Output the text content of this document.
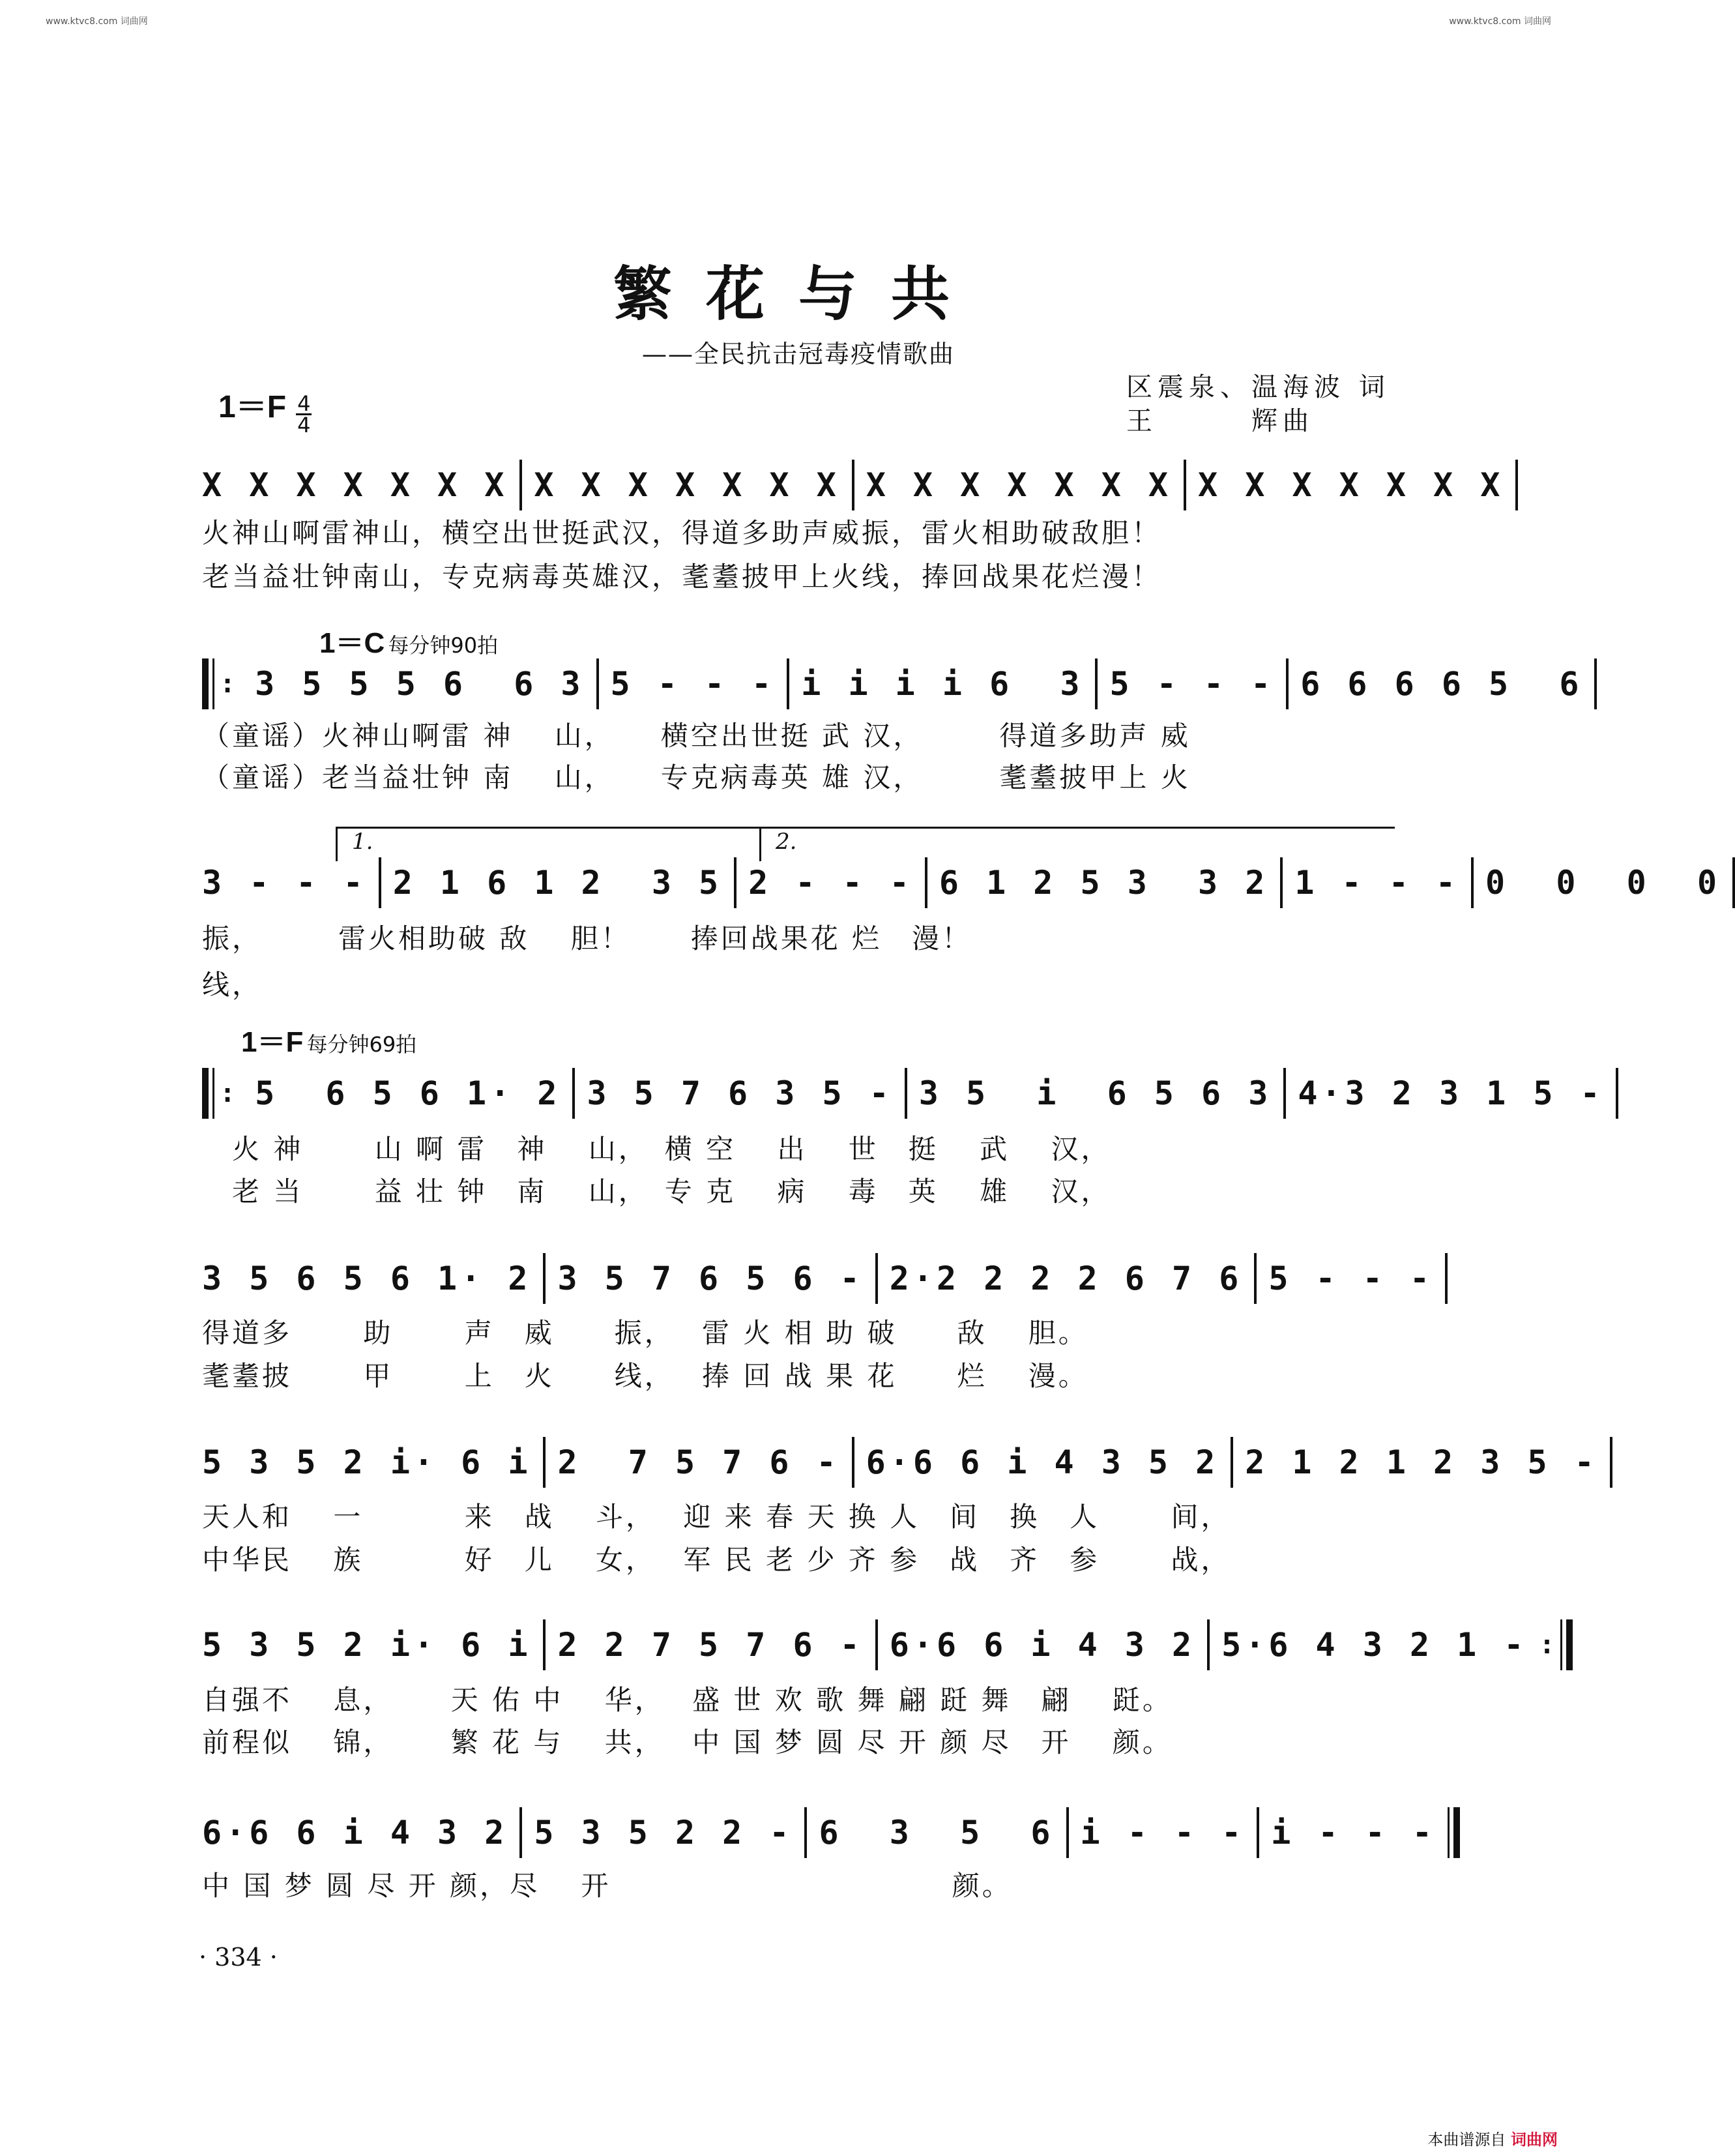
www.ktvc8.com 词曲网	www.ktvc8.com 词曲网
繁花与共
——全民抗击冠毒疫情歌曲
$1=F \frac{4}{4}$
区震泉、温海波 词
王　　　辉曲
X X X X X X X X X X X X X X X X X X X X X X X X X X X X
火神山啊雷神山，横空出世挺武汉，得道多助声威振，雷火相助破敌胆！
老当益壮钟南山，专克病毒英雄汉，耄耋披甲上火线，捧回战果花烂漫！
1＝C 每分钟90拍
: 3 5 5 5 6  6 3 5 - - - i i i i 6  3 5 - - - 6 6 6 6 5  6
（童谣）火神山啊雷 神　 山，　　横空出世挺 武 汉，　　　得道多助声 威
（童谣）老当益壮钟 南　 山，　　专克病毒英 雄 汉，　　　耄耋披甲上 火
1.	2.
3 - - - 2 1 6 1 2  3 5 2 - - - 6 1 2 5 3  3 2 1 - - - 0  0  0  0
振，　　　雷火相助破 敌　 胆！　　捧回战果花 烂　漫！
线，
1＝F 每分钟69拍
: 5  6 5 6 1· 2 3 5 7 6 3 5 - 3 5  i  6 5 6 3 4·3 2 3 1 5 -
　火 神　　 山 啊 雷　神　 山，　横 空　 出　 世　挺　 武　 汉，
　老 当　　 益 壮 钟　南　 山，　专 克　 病　 毒　英　 雄　 汉，
3 5 6 5 6 1· 2 3 5 7 6 5 6 - 2·2 2 2 2 6 7 6 5 - - -
得道多　　 助　　 声　威　　振，　 雷 火 相 助 破　　敌　 胆。
耄耋披　　 甲　　 上　火　　线，　 捧 回 战 果 花　　烂　 漫。
5 3 5 2 i· 6 i 2  7 5 7 6 - 6·6 6 i 4 3 5 2 2 1 2 1 2 3 5 -
天人和　 一　　　 来　战　 斗，　 迎 来 春 天 换 人　间　换　人　　 间，
中华民　 族　　　 好　儿　 女，　 军 民 老 少 齐 参　战　齐　参　　 战，
5 3 5 2 i· 6 i 2 2 7 5 7 6 - 6·6 6 i 4 3 2 5·6 4 3 2 1 - :
自强不　 息，　　 天 佑 中　 华，　 盛 世 欢 歌 舞 翩 跹 舞　翩　 跹。
前程似　 锦，　　 繁 花 与　 共，　 中 国 梦 圆 尽 开 颜 尽　开　 颜。
6·6 6 i 4 3 2 5 3 5 2 2 - 6  3  5  6 i - - - i - - -
中 国 梦 圆 尽 开 颜，尽　 开　　　　　　　　　　　 颜。
· 334 ·
本曲谱源自 词曲网
